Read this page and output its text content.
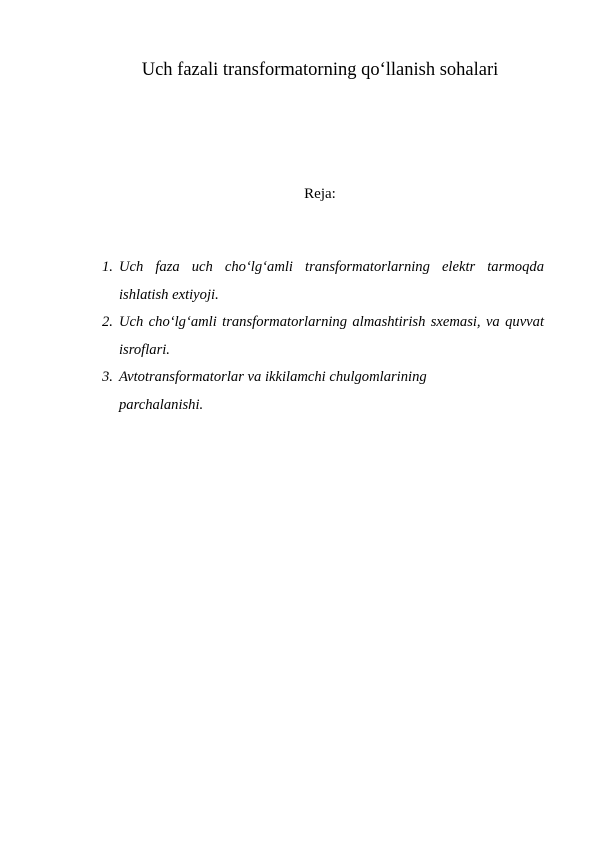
Uch fazali transformatorning qo‘llanish sohalari
Reja:
1. Uch faza uch cho‘lg‘amli transformatorlarning elektr tarmoqda ishlatish extiyoji.
2. Uch cho‘lg‘amli transformatorlarning almashtirish sxemasi, va quvvat isroflari.
3. Avtotransformatorlar va ikkilamchi chulgomlarining parchalanishi.
